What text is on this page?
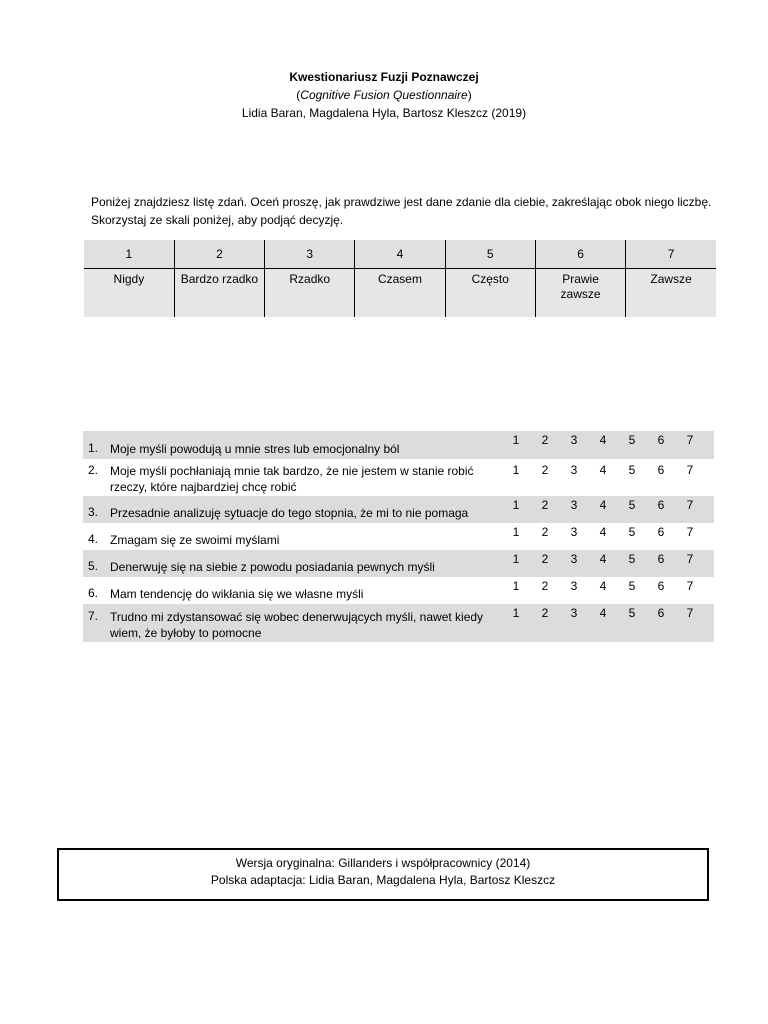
Kwestionariusz Fuzji Poznawczej
(Cognitive Fusion Questionnaire)
Lidia Baran, Magdalena Hyla, Bartosz Kleszcz (2019)
Poniżej znajdziesz listę zdań. Oceń proszę, jak prawdziwe jest dane zdanie dla ciebie, zakreślając obok niego liczbę.
Skorzystaj ze skali poniżej, aby podjąć decyzję.
1	2	3	4	5	6	7
Nigdy	Bardzo rzadko	Rzadko	Czasem	Często	Prawie zawsze	Zawsze
1. Moje myśli powodują u mnie stres lub emocjonalny ból
1	2	3	4	5	6	7
2. Moje myśli pochłaniają mnie tak bardzo, że nie jestem w stanie robić rzeczy, które najbardziej chcę robić
1	2	3	4	5	6	7
3. Przesadnie analizuję sytuacje do tego stopnia, że mi to nie pomaga
1	2	3	4	5	6	7
4. Zmagam się ze swoimi myślami
1	2	3	4	5	6	7
5. Denerwuję się na siebie z powodu posiadania pewnych myśli
1	2	3	4	5	6	7
6. Mam tendencję do wikłania się we własne myśli
1	2	3	4	5	6	7
7. Trudno mi zdystansować się wobec denerwujących myśli, nawet kiedy wiem, że byłoby to pomocne
1	2	3	4	5	6	7
Wersja oryginalna: Gillanders i współpracownicy (2014)
Polska adaptacja: Lidia Baran, Magdalena Hyla, Bartosz Kleszcz
